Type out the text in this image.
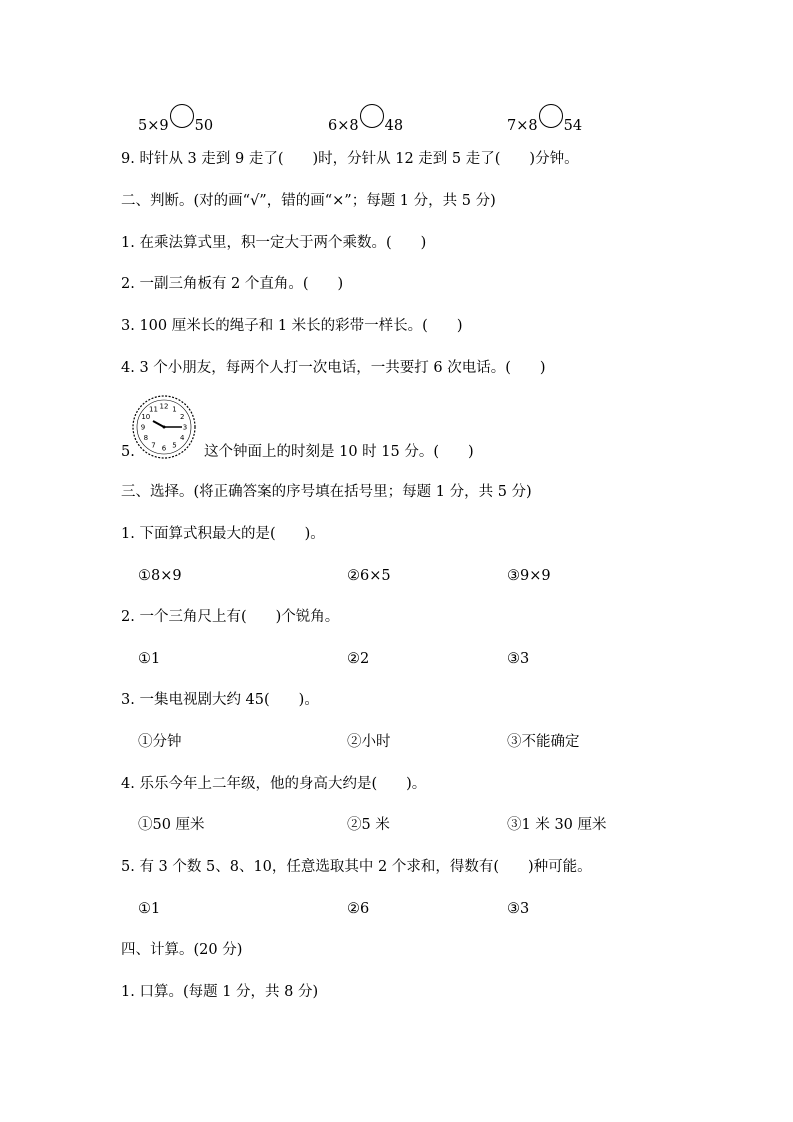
5×9 50	6×8 48	7×8 54
9. 时针从 3 走到 9 走了(　　)时，分针从 12 走到 5 走了(　　)分钟。
二、判断。(对的画“√”，错的画“×”；每题 1 分，共 5 分)
1. 在乘法算式里，积一定大于两个乘数。(　　)
2. 一副三角板有 2 个直角。(　　)
3. 100 厘米长的绳子和 1 米长的彩带一样长。(　　)
4. 3 个小朋友，每两个人打一次电话，一共要打 6 次电话。(　　)
12 1
2
3
4
5
6
7
8
9
10
11
5.	这个钟面上的时刻是 10 时 15 分。(　　)
三、选择。(将正确答案的序号填在括号里；每题 1 分，共 5 分)
1. 下面算式积最大的是(　　)。
①8×9	②6×5	③9×9
2. 一个三角尺上有(　　)个锐角。
①1	②2	③3
3. 一集电视剧大约 45(　　)。
①分钟	②小时	③不能确定
4. 乐乐今年上二年级，他的身高大约是(　　)。
①50 厘米	②5 米	③1 米 30 厘米
5. 有 3 个数 5、8、10，任意选取其中 2 个求和，得数有(　　)种可能。
①1	②6	③3
四、计算。(20 分)
1. 口算。(每题 1 分，共 8 分)
